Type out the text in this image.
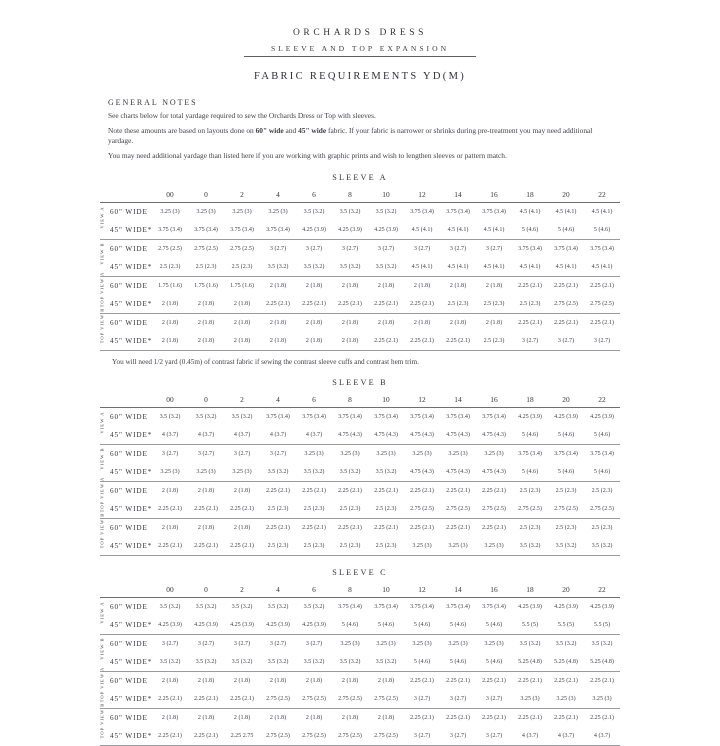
ORCHARDS DRESS
SLEEVE AND TOP EXPANSION
FABRIC REQUIREMENTS YD(M)
GENERAL NOTES

See charts below for total yardage required to sew the Orchards Dress or Top with sleeves.

Note these amounts are based on layouts done on 60" wide and 45" wide fabric. If your fabric is narrower or shrinks during pre-treatment you may need additional yardage.

You may need additional yardage than listed here if you are working with graphic prints and wish to lengthen sleeves or pattern match.

SLEEVE A
	00	0	2	4	6	8	10	12	14	16	18	20	22
60" WIDE	3.25 (3)	3.25 (3)	3.25 (3)	3.25 (3)	3.5 (3.2)	3.5 (3.2)	3.5 (3.2)	3.75 (3.4)	3.75 (3.4)	3.75 (3.4)	4.5 (4.1)	4.5 (4.1)	4.5 (4.1)
45" WIDE*	3.75 (3.4)	3.75 (3.4)	3.75 (3.4)	3.75 (3.4)	4.25 (3.9)	4.25 (3.9)	4.25 (3.9)	4.5 (4.1)	4.5 (4.1)	4.5 (4.1)	5 (4.6)	5 (4.6)	5 (4.6)
60" WIDE	2.75 (2.5)	2.75 (2.5)	2.75 (2.5)	3 (2.7)	3 (2.7)	3 (2.7)	3 (2.7)	3 (2.7)	3 (2.7)	3 (2.7)	3.75 (3.4)	3.75 (3.4)	3.75 (3.4)
45" WIDE*	2.5 (2.3)	2.5 (2.3)	2.5 (2.3)	3.5 (3.2)	3.5 (3.2)	3.5 (3.2)	3.5 (3.2)	4.5 (4.1)	4.5 (4.1)	4.5 (4.1)	4.5 (4.1)	4.5 (4.1)	4.5 (4.1)
60" WIDE	1.75 (1.6)	1.75 (1.6)	1.75 (1.6)	2 (1.8)	2 (1.8)	2 (1.8)	2 (1.8)	2 (1.8)	2 (1.8)	2 (1.8)	2.25 (2.1)	2.25 (2.1)	2.25 (2.1)
45" WIDE*	2 (1.8)	2 (1.8)	2 (1.8)	2.25 (2.1)	2.25 (2.1)	2.25 (2.1)	2.25 (2.1)	2.25 (2.1)	2.5 (2.3)	2.5 (2.3)	2.5 (2.3)	2.75 (2.5)	2.75 (2.5)
60" WIDE	2 (1.8)	2 (1.8)	2 (1.8)	2 (1.8)	2 (1.8)	2 (1.8)	2 (1.8)	2 (1.8)	2 (1.8)	2 (1.8)	2.25 (2.1)	2.25 (2.1)	2.25 (2.1)
45" WIDE*	2 (1.8)	2 (1.8)	2 (1.8)	2 (1.8)	2 (1.8)	2 (1.8)	2.25 (2.1)	2.25 (2.1)	2.25 (2.1)	2.5 (2.3)	3 (2.7)	3 (2.7)	3 (2.7)
VIEW A
VIEW B
TOP VIEW A
TOP VIEW B
You will need 1/2 yard (0.45m) of contrast fabric if sewing the contrast sleeve cuffs and contrast hem trim.
SLEEVE B
	00	0	2	4	6	8	10	12	14	16	18	20	22
60" WIDE	3.5 (3.2)	3.5 (3.2)	3.5 (3.2)	3.75 (3.4)	3.75 (3.4)	3.75 (3.4)	3.75 (3.4)	3.75 (3.4)	3.75 (3.4)	3.75 (3.4)	4.25 (3.9)	4.25 (3.9)	4.25 (3.9)
45" WIDE*	4 (3.7)	4 (3.7)	4 (3.7)	4 (3.7)	4 (3.7)	4.75 (4.3)	4.75 (4.3)	4.75 (4.3)	4.75 (4.3)	4.75 (4.3)	5 (4.6)	5 (4.6)	5 (4.6)
60" WIDE	3 (2.7)	3 (2.7)	3 (2.7)	3 (2.7)	3.25 (3)	3.25 (3)	3.25 (3)	3.25 (3)	3.25 (3)	3.25 (3)	3.75 (3.4)	3.75 (3.4)	3.75 (3.4)
45" WIDE*	3.25 (3)	3.25 (3)	3.25 (3)	3.5 (3.2)	3.5 (3.2)	3.5 (3.2)	3.5 (3.2)	4.75 (4.3)	4.75 (4.3)	4.75 (4.3)	5 (4.6)	5 (4.6)	5 (4.6)
60" WIDE	2 (1.8)	2 (1.8)	2 (1.8)	2.25 (2.1)	2.25 (2.1)	2.25 (2.1)	2.25 (2.1)	2.25 (2.1)	2.25 (2.1)	2.25 (2.1)	2.5 (2.3)	2.5 (2.3)	2.5 (2.3)
45" WIDE*	2.25 (2.1)	2.25 (2.1)	2.25 (2.1)	2.5 (2.3)	2.5 (2.3)	2.5 (2.3)	2.5 (2.3)	2.75 (2.5)	2.75 (2.5)	2.75 (2.5)	2.75 (2.5)	2.75 (2.5)	2.75 (2.5)
60" WIDE	2 (1.8)	2 (1.8)	2 (1.8)	2.25 (2.1)	2.25 (2.1)	2.25 (2.1)	2.25 (2.1)	2.25 (2.1)	2.25 (2.1)	2.25 (2.1)	2.5 (2.3)	2.5 (2.3)	2.5 (2.3)
45" WIDE*	2.25 (2.1)	2.25 (2.1)	2.25 (2.1)	2.5 (2.3)	2.5 (2.3)	2.5 (2.3)	2.5 (2.3)	3.25 (3)	3.25 (3)	3.25 (3)	3.5 (3.2)	3.5 (3.2)	3.5 (3.2)
VIEW A
VIEW B
TOP VIEW A
TOP VIEW B
SLEEVE C
	00	0	2	4	6	8	10	12	14	16	18	20	22
60" WIDE	3.5 (3.2)	3.5 (3.2)	3.5 (3.2)	3.5 (3.2)	3.5 (3.2)	3.75 (3.4)	3.75 (3.4)	3.75 (3.4)	3.75 (3.4)	3.75 (3.4)	4.25 (3.9)	4.25 (3.9)	4.25 (3.9)
45" WIDE*	4.25 (3.9)	4.25 (3.9)	4.25 (3.9)	4.25 (3.9)	4.25 (3.9)	5 (4.6)	5 (4.6)	5 (4.6)	5 (4.6)	5 (4.6)	5.5 (5)	5.5 (5)	5.5 (5)
60" WIDE	3 (2.7)	3 (2.7)	3 (2.7)	3 (2.7)	3 (2.7)	3.25 (3)	3.25 (3)	3.25 (3)	3.25 (3)	3.25 (3)	3.5 (3.2)	3.5 (3.2)	3.5 (3.2)
45" WIDE*	3.5 (3.2)	3.5 (3.2)	3.5 (3.2)	3.5 (3.2)	3.5 (3.2)	3.5 (3.2)	3.5 (3.2)	5 (4.6)	5 (4.6)	5 (4.6)	5.25 (4.8)	5.25 (4.8)	5.25 (4.8)
60" WIDE	2 (1.8)	2 (1.8)	2 (1.8)	2 (1.8)	2 (1.8)	2 (1.8)	2 (1.8)	2.25 (2.1)	2.25 (2.1)	2.25 (2.1)	2.25 (2.1)	2.25 (2.1)	2.25 (2.1)
45" WIDE*	2.25 (2.1)	2.25 (2.1)	2.25 (2.1)	2.75 (2.5)	2.75 (2.5)	2.75 (2.5)	2.75 (2.5)	3 (2.7)	3 (2.7)	3 (2.7)	3.25 (3)	3.25 (3)	3.25 (3)
60" WIDE	2 (1.8)	2 (1.8)	2 (1.8)	2 (1.8)	2 (1.8)	2 (1.8)	2 (1.8)	2.25 (2.1)	2.25 (2.1)	2.25 (2.1)	2.25 (2.1)	2.25 (2.1)	2.25 (2.1)
45" WIDE*	2.25 (2.1)	2.25 (2.1)	2.25 2.75	2.75 (2.5)	2.75 (2.5)	2.75 (2.5)	2.75 (2.5)	3 (2.7)	3 (2.7)	3 (2.7)	4 (3.7)	4 (3.7)	4 (3.7)
VIEW A
VIEW B
TOP VIEW A
TOP VIEW B
